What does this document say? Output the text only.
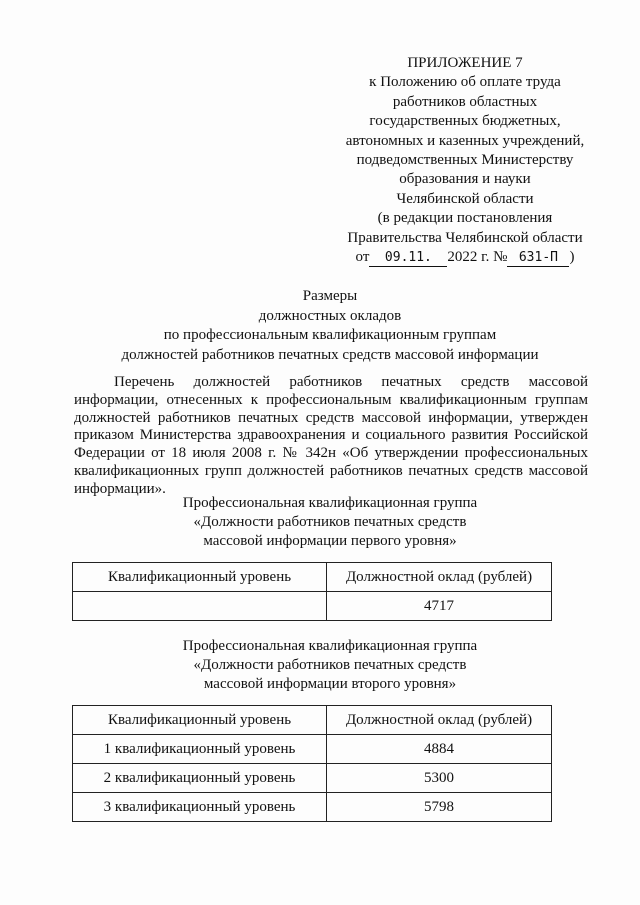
ПРИЛОЖЕНИЕ 7
к Положению об оплате труда
работников областных
государственных бюджетных,
автономных и казенных учреждений,
подведомственных Министерству
образования и науки
Челябинской области
(в редакции постановления
Правительства Челябинской области
от 09.11. 2022 г. № 631-П )
Размеры
должностных окладов
по профессиональным квалификационным группам
должностей работников печатных средств массовой информации

Перечень должностей работников печатных средств массовой информации, отнесенных к профессиональным квалификационным группам должностей работников печатных средств массовой информации, утвержден приказом Министерства здравоохранения и социального развития Российской Федерации от 18 июля 2008 г. № 342н «Об утверждении профессиональных квалификационных групп должностей работников печатных средств массовой информации».

Профессиональная квалификационная группа
«Должности работников печатных средств
массовой информации первого уровня»
Квалификационный уровень	Должностной оклад (рублей)
	4717
Профессиональная квалификационная группа
«Должности работников печатных средств
массовой информации второго уровня»
Квалификационный уровень	Должностной оклад (рублей)
1 квалификационный уровень	4884
2 квалификационный уровень	5300
3 квалификационный уровень	5798
